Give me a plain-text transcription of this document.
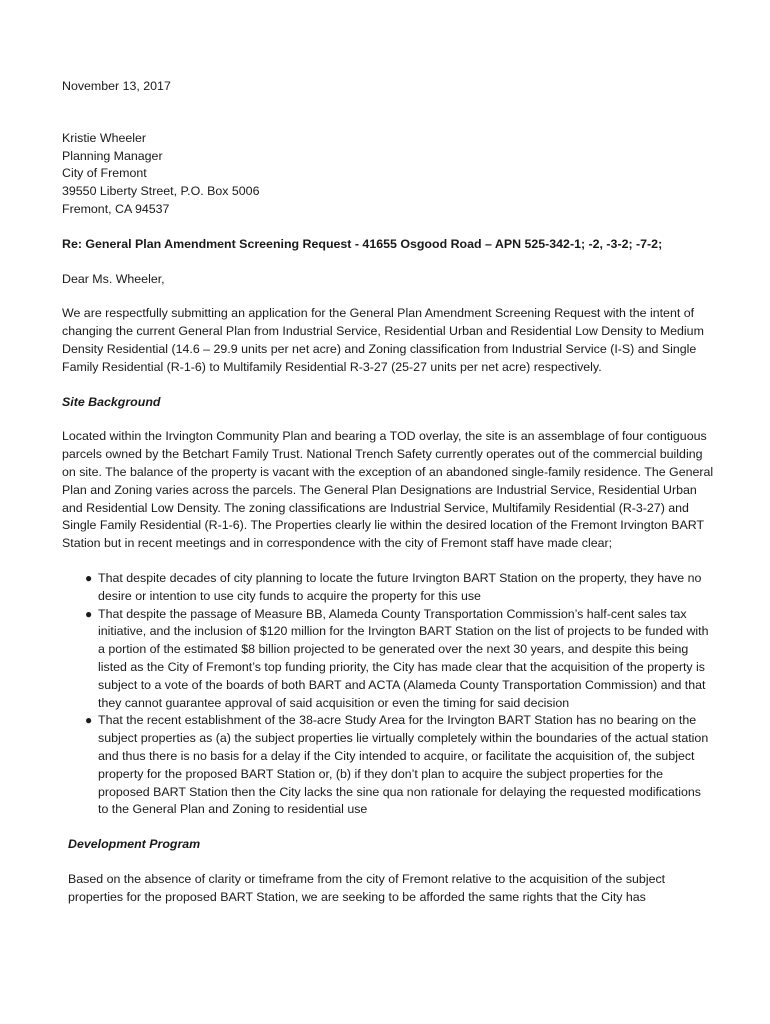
November 13, 2017
Kristie Wheeler
Planning Manager
City of Fremont
39550 Liberty Street, P.O. Box 5006
Fremont, CA 94537
Re: General Plan Amendment Screening Request - 41655 Osgood Road – APN 525-342-1; -2, -3-2; -7-2;
Dear Ms. Wheeler,
We are respectfully submitting an application for the General Plan Amendment Screening Request with the intent of changing the current General Plan from Industrial Service, Residential Urban and Residential Low Density to Medium Density Residential (14.6 – 29.9 units per net acre) and Zoning classification from Industrial Service (I-S) and Single Family Residential (R-1-6) to Multifamily Residential R-3-27 (25-27 units per net acre) respectively.
Site Background
Located within the Irvington Community Plan and bearing a TOD overlay, the site is an assemblage of four contiguous parcels owned by the Betchart Family Trust. National Trench Safety currently operates out of the commercial building on site. The balance of the property is vacant with the exception of an abandoned single-family residence. The General Plan and Zoning varies across the parcels. The General Plan Designations are Industrial Service, Residential Urban and Residential Low Density. The zoning classifications are Industrial Service, Multifamily Residential (R-3-27) and Single Family Residential (R-1-6). The Properties clearly lie within the desired location of the Fremont Irvington BART Station but in recent meetings and in correspondence with the city of Fremont staff have made clear;
● That despite decades of city planning to locate the future Irvington BART Station on the property, they have no desire or intention to use city funds to acquire the property for this use
● That despite the passage of Measure BB, Alameda County Transportation Commission’s half-cent sales tax initiative, and the inclusion of $120 million for the Irvington BART Station on the list of projects to be funded with a portion of the estimated $8 billion projected to be generated over the next 30 years, and despite this being listed as the City of Fremont’s top funding priority, the City has made clear that the acquisition of the property is subject to a vote of the boards of both BART and ACTA (Alameda County Transportation Commission) and that they cannot guarantee approval of said acquisition or even the timing for said decision
● That the recent establishment of the 38-acre Study Area for the Irvington BART Station has no bearing on the subject properties as (a) the subject properties lie virtually completely within the boundaries of the actual station and thus there is no basis for a delay if the City intended to acquire, or facilitate the acquisition of, the subject property for the proposed BART Station or, (b) if they don’t plan to acquire the subject properties for the proposed BART Station then the City lacks the sine qua non rationale for delaying the requested modifications to the General Plan and Zoning to residential use
Development Program
Based on the absence of clarity or timeframe from the city of Fremont relative to the acquisition of the subject properties for the proposed BART Station, we are seeking to be afforded the same rights that the City has
